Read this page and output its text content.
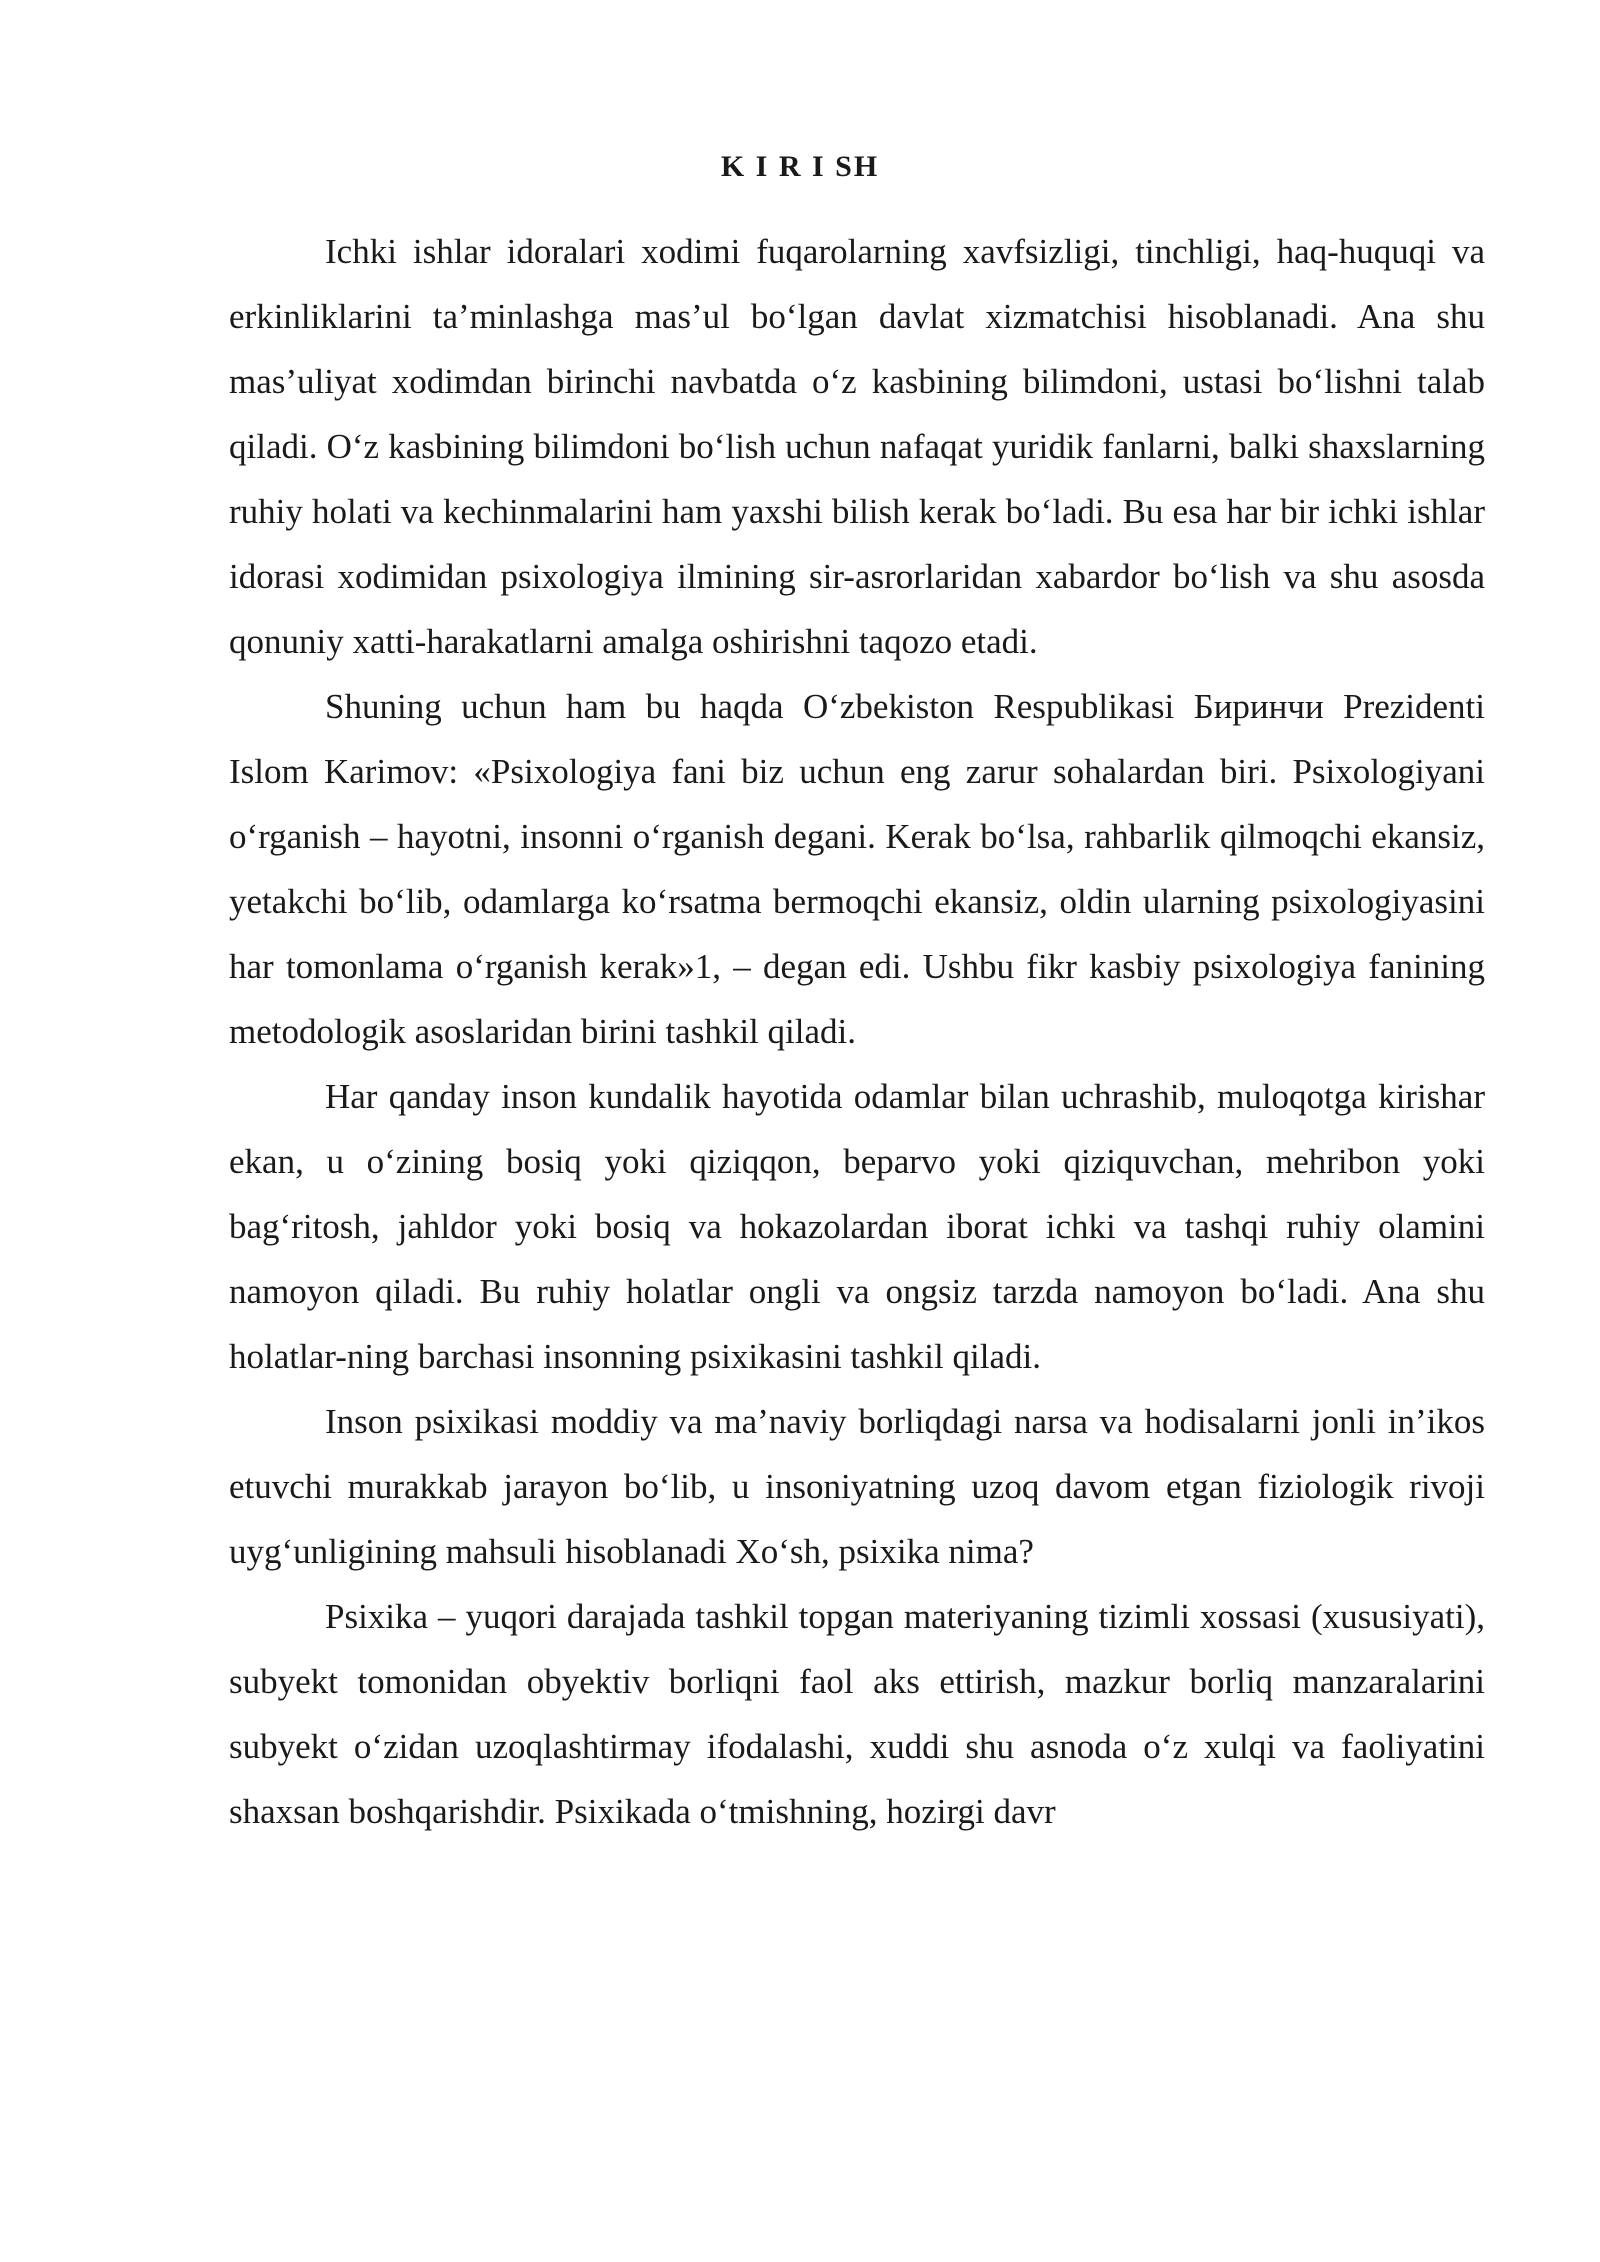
K I R I SH

Ichki ishlar idoralari xodimi fuqarolarning xavfsizligi, tinchligi, haq-huquqi va erkinliklarini ta’minlashga mas’ul bo‘lgan davlat xizmatchisi hisoblanadi. Ana shu mas’uliyat xodimdan birinchi navbatda o‘z kasbining bilimdoni, ustasi bo‘lishni talab qiladi. O‘z kasbining bilimdoni bo‘lish uchun nafaqat yuridik fanlarni, balki shaxslarning ruhiy holati va kechinmalarini ham yaxshi bilish kerak bo‘ladi. Bu esa har bir ichki ishlar idorasi xodimidan psixologiya ilmining sir-asrorlaridan xabardor bo‘lish va shu asosda qonuniy xatti-harakatlarni amalga oshirishni taqozo etadi.

Shuning uchun ham bu haqda O‘zbekiston Respublikasi Биринчи Prezidenti Islom Karimov: «Psixologiya fani biz uchun eng zarur sohalardan biri. Psixologiyani o‘rganish – hayotni, insonni o‘rganish degani. Kerak bo‘lsa, rahbarlik qilmoqchi ekansiz, yetakchi bo‘lib, odamlarga ko‘rsatma bermoqchi ekansiz, oldin ularning psixologiyasini har tomonlama o‘rganish kerak»1, – degan edi. Ushbu fikr kasbiy psixologiya fanining metodologik asoslaridan birini tashkil qiladi.

Har qanday inson kundalik hayotida odamlar bilan uchrashib, muloqotga kirishar ekan, u o‘zining bosiq yoki qiziqqon, beparvo yoki qiziquvchan, mehribon yoki bag‘ritosh, jahldor yoki bosiq va hokazolardan iborat ichki va tashqi ruhiy olamini namoyon qiladi. Bu ruhiy holatlar ongli va ongsiz tarzda namoyon bo‘ladi. Ana shu holatlar-ning barchasi insonning psixikasini tashkil qiladi.

Inson psixikasi moddiy va ma’naviy borliqdagi narsa va hodisalarni jonli in’ikos etuvchi murakkab jarayon bo‘lib, u insoniyatning uzoq davom etgan fiziologik rivoji uyg‘unligining mahsuli hisoblanadi Xo‘sh, psixika nima?

Psixika – yuqori darajada tashkil topgan materiyaning tizimli xossasi (xususiyati), subyekt tomonidan obyektiv borliqni faol aks ettirish, mazkur borliq manzaralarini subyekt o‘zidan uzoqlashtirmay ifodalashi, xuddi shu asnoda o‘z xulqi va faoliyatini shaxsan boshqarishdir. Psixikada o‘tmishning, hozirgi davr
